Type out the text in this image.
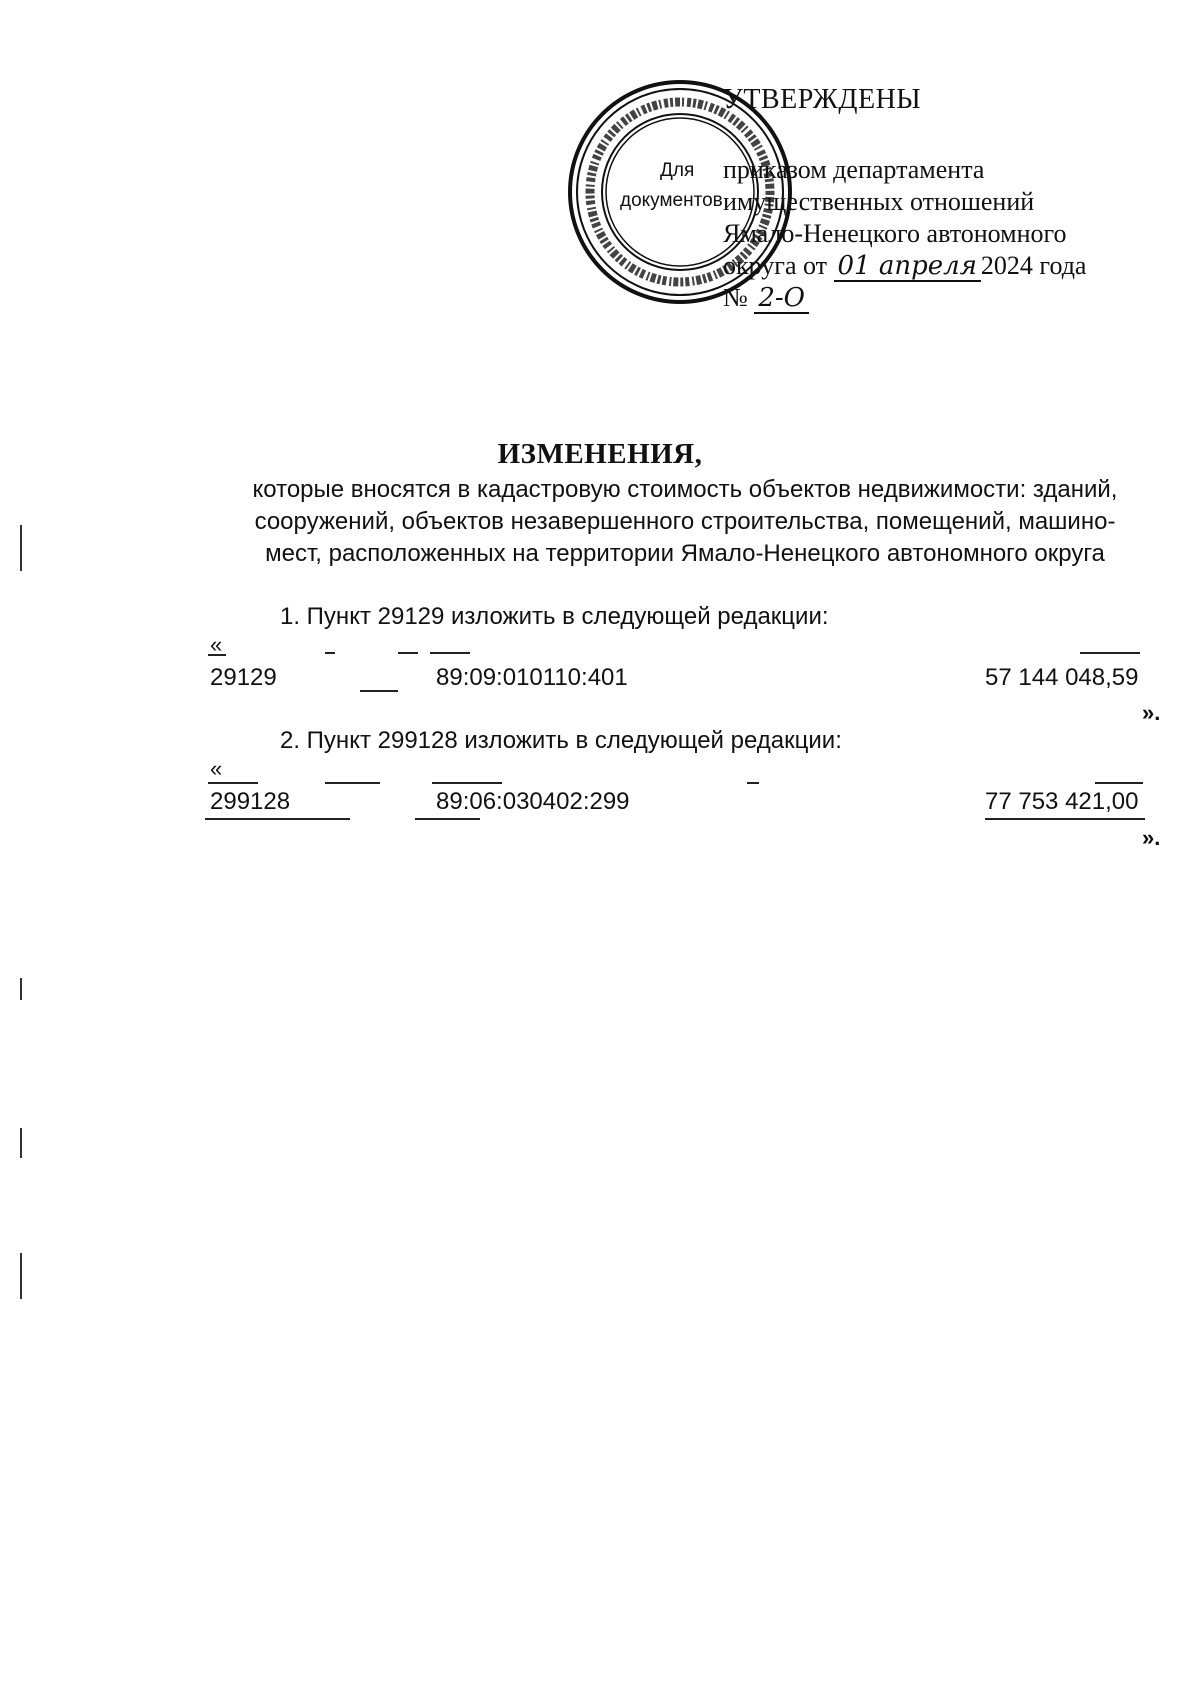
Для
документов
УТВЕРЖДЕНЫ
приказом департамента
имущественных отношений
Ямало-Ненецкого автономного
округа от 01 апреля 2024 года
№ 2-О
ИЗМЕНЕНИЯ,
которые вносятся в кадастровую стоимость объектов недвижимости: зданий,
сооружений, объектов незавершенного строительства, помещений, машино-
мест, расположенных на территории Ямало-Ненецкого автономного округа
1. Пункт 29129 изложить в следующей редакции:
«
29129	89:09:010110:401	57 144 048,59
».
2. Пункт 299128 изложить в следующей редакции:
«
299128	89:06:030402:299	77 753 421,00
».
